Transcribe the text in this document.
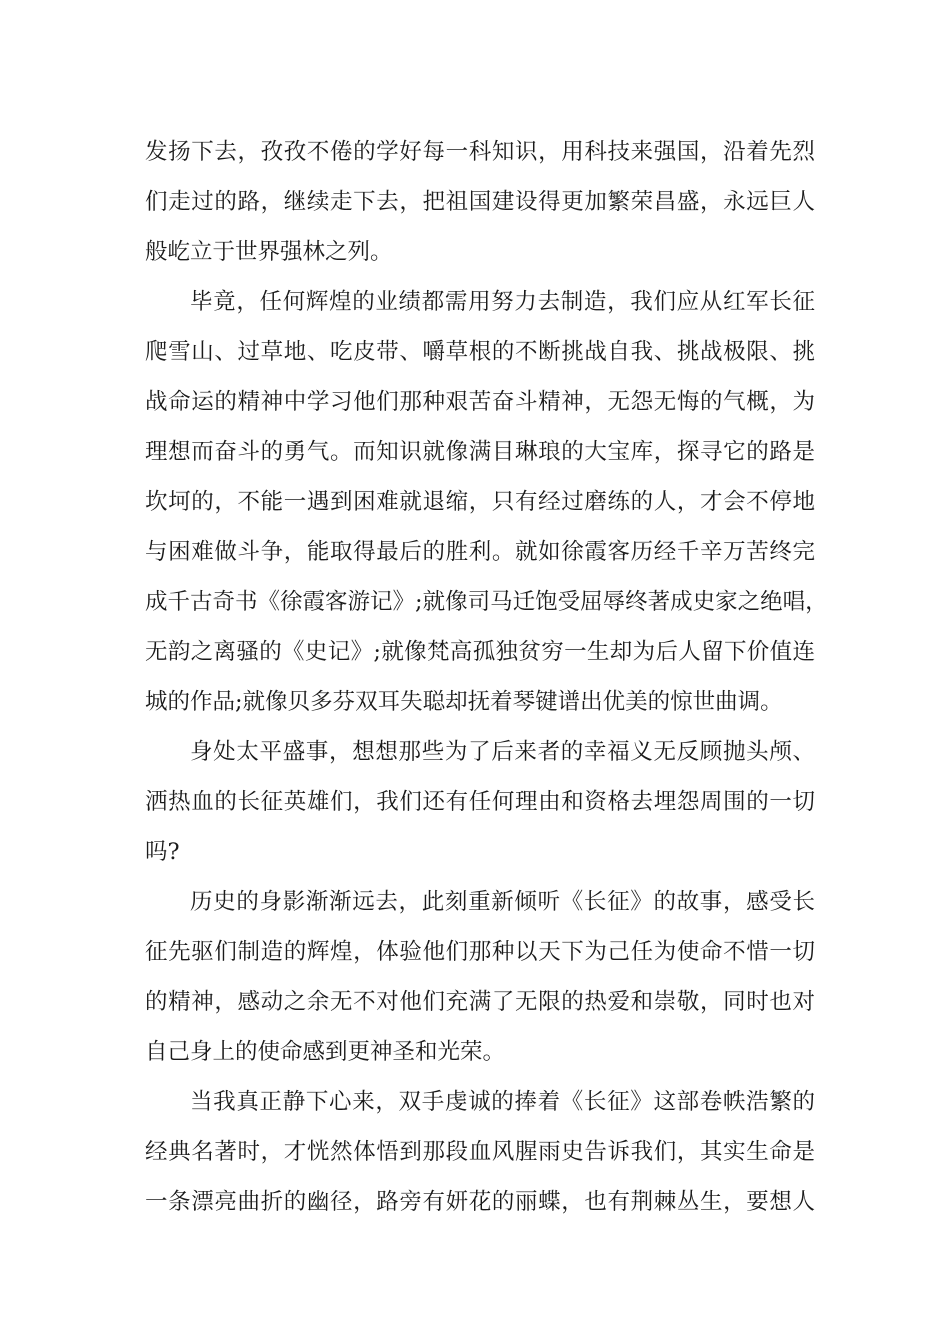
发扬下去，孜孜不倦的学好每一科知识，用科技来强国，沿着先烈
们走过的路，继续走下去，把祖国建设得更加繁荣昌盛，永远巨人
般屹立于世界强林之列。
毕竟，任何辉煌的业绩都需用努力去制造，我们应从红军长征
爬雪山、过草地、吃皮带、嚼草根的不断挑战自我、挑战极限、挑
战命运的精神中学习他们那种艰苦奋斗精神，无怨无悔的气概，为
理想而奋斗的勇气。而知识就像满目琳琅的大宝库，探寻它的路是
坎坷的，不能一遇到困难就退缩，只有经过磨练的人，才会不停地
与困难做斗争，能取得最后的胜利。就如徐霞客历经千辛万苦终完
成千古奇书《徐霞客游记》;就像司马迁饱受屈辱终著成史家之绝唱，
无韵之离骚的《史记》;就像梵高孤独贫穷一生却为后人留下价值连
城的作品;就像贝多芬双耳失聪却抚着琴键谱出优美的惊世曲调。
身处太平盛事，想想那些为了后来者的幸福义无反顾抛头颅、
洒热血的长征英雄们，我们还有任何理由和资格去埋怨周围的一切
吗?
历史的身影渐渐远去，此刻重新倾听《长征》的故事，感受长
征先驱们制造的辉煌，体验他们那种以天下为己任为使命不惜一切
的精神，感动之余无不对他们充满了无限的热爱和崇敬，同时也对
自己身上的使命感到更神圣和光荣。
当我真正静下心来，双手虔诚的捧着《长征》这部卷帙浩繁的
经典名著时，才恍然体悟到那段血风腥雨史告诉我们，其实生命是
一条漂亮曲折的幽径，路旁有妍花的丽蝶，也有荆棘丛生，要想人
